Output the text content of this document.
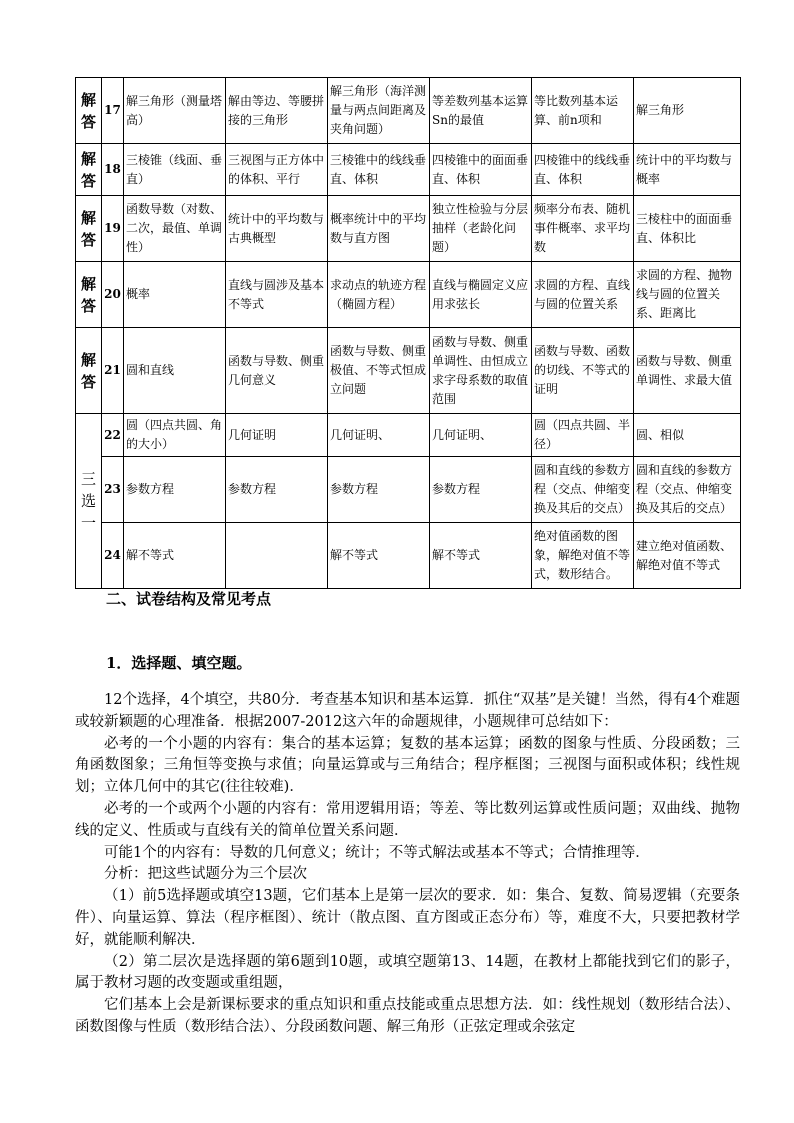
解
答	17	解三角形（测量塔高）	解由等边、等腰拼接的三角形	解三角形（海洋测量与两点间距离及夹角问题）	等差数列基本运算Sn的最值	等比数列基本运算、前n项和	解三角形
解
答	18	三棱锥（线面、垂直）	三视图与正方体中的体积、平行	三棱锥中的线线垂直、体积	四棱锥中的面面垂直、体积	四棱锥中的线线垂直、体积	统计中的平均数与概率
解
答	19	函数导数（对数、二次，最值、单调性）	统计中的平均数与古典概型	概率统计中的平均数与直方图	独立性检验与分层抽样（老龄化问题）	频率分布表、随机事件概率、求平均数	三棱柱中的面面垂直、体积比
解
答	20	概率	直线与圆涉及基本不等式	求动点的轨迹方程（椭圆方程）	直线与椭圆定义应用求弦长	求圆的方程、直线与圆的位置关系	求圆的方程、抛物线与圆的位置关系、距离比
解
答	21	圆和直线	函数与导数、侧重几何意义	函数与导数、侧重极值、不等式恒成立问题	函数与导数、侧重单调性、由恒成立求字母系数的取值范围	函数与导数、函数的切线、不等式的证明	函数与导数、侧重单调性、求最大值
三
选
一	22	圆（四点共圆、角的大小）	几何证明	几何证明、	几何证明、	圆（四点共圆、半径）	圆、相似
	23	参数方程	参数方程	参数方程	参数方程	圆和直线的参数方程（交点、伸缩变换及其后的交点）	圆和直线的参数方程（交点、伸缩变换及其后的交点）
	24	解不等式		解不等式	解不等式	绝对值函数的图象，解绝对值不等式，数形结合。	建立绝对值函数、解绝对值不等式
二、试卷结构及常见考点
1．选择题、填空题。

12个选择，4个填空，共80分．考查基本知识和基本运算．抓住“双基”是关键！当然，得有4个难题或较新颖题的心理准备．根据2007-2012这六年的命题规律，小题规律可总结如下：

必考的一个小题的内容有：集合的基本运算；复数的基本运算；函数的图象与性质、分段函数；三角函数图象；三角恒等变换与求值；向量运算或与三角结合；程序框图；三视图与面积或体积；线性规划；立体几何中的其它(往往较难)．

必考的一个或两个小题的内容有：常用逻辑用语；等差、等比数列运算或性质问题；双曲线、抛物线的定义、性质或与直线有关的简单位置关系问题．

可能1个的内容有：导数的几何意义；统计；不等式解法或基本不等式；合情推理等．

分析：把这些试题分为三个层次

（1）前5选择题或填空13题，它们基本上是第一层次的要求．如：集合、复数、简易逻辑（充要条件）、向量运算、算法（程序框图）、统计（散点图、直方图或正态分布）等，难度不大，只要把教材学好，就能顺利解决．

（2）第二层次是选择题的第6题到10题，或填空题第13、14题，在教材上都能找到它们的影子，属于教材习题的改变题或重组题，

它们基本上会是新课标要求的重点知识和重点技能或重点思想方法．如：线性规划（数形结合法）、函数图像与性质（数形结合法）、分段函数问题、解三角形（正弦定理或余弦定
